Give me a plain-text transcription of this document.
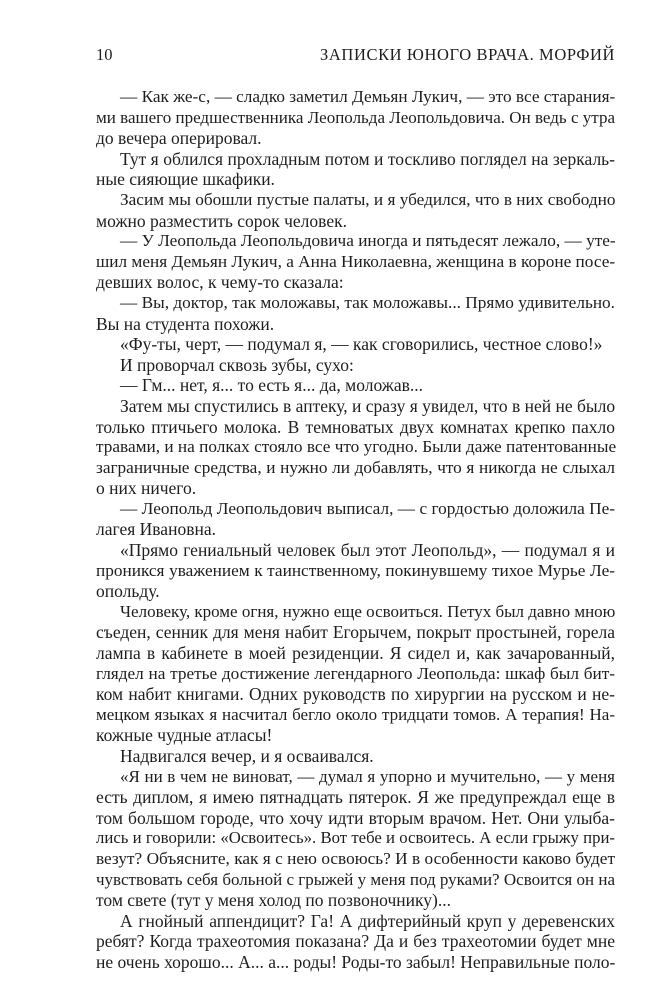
10	ЗАПИСКИ ЮНОГО ВРАЧА. МОРФИЙ

— Как же-с, — сладко заметил Демьян Лукич, — это все старания-
ми вашего предшественника Леопольда Леопольдовича. Он ведь с утра
до вечера оперировал.

Тут я облился прохладным потом и тоскливо поглядел на зеркаль-
ные сияющие шкафики.

Засим мы обошли пустые палаты, и я убедился, что в них свободно
можно разместить сорок человек.

— У Леопольда Леопольдовича иногда и пятьдесят лежало, — уте-
шил меня Демьян Лукич, а Анна Николаевна, женщина в короне посе-
девших волос, к чему-то сказала:

— Вы, доктор, так моложавы, так моложавы... Прямо удивительно.
Вы на студента похожи.

«Фу-ты, черт, — подумал я, — как сговорились, честное слово!»

И проворчал сквозь зубы, сухо:

— Гм... нет, я... то есть я... да, моложав...

Затем мы спустились в аптеку, и сразу я увидел, что в ней не было
только птичьего молока. В темноватых двух комнатах крепко пахло
травами, и на полках стояло все что угодно. Были даже патентованные
заграничные средства, и нужно ли добавлять, что я никогда не слыхал
о них ничего.

— Леопольд Леопольдович выписал, — с гордостью доложила Пе-
лагея Ивановна.

«Прямо гениальный человек был этот Леопольд», — подумал я и
проникся уважением к таинственному, покинувшему тихое Мурье Ле-
опольду.

Человеку, кроме огня, нужно еще освоиться. Петух был давно мною
съеден, сенник для меня набит Егорычем, покрыт простыней, горела
лампа в кабинете в моей резиденции. Я сидел и, как зачарованный,
глядел на третье достижение легендарного Леопольда: шкаф был бит-
ком набит книгами. Одних руководств по хирургии на русском и не-
мецком языках я насчитал бегло около тридцати томов. А терапия! На-
кожные чудные атласы!

Надвигался вечер, и я осваивался.

«Я ни в чем не виноват, — думал я упорно и мучительно, — у меня
есть диплом, я имею пятнадцать пятерок. Я же предупреждал еще в
том большом городе, что хочу идти вторым врачом. Нет. Они улыба-
лись и говорили: «Освоитесь». Вот тебе и освоитесь. А если грыжу при-
везут? Объясните, как я с нею освоюсь? И в особенности каково будет
чувствовать себя больной с грыжей у меня под руками? Освоится он на
том свете (тут у меня холод по позвоночнику)...

А гнойный аппендицит? Га! А дифтерийный круп у деревенских
ребят? Когда трахеотомия показана? Да и без трахеотомии будет мне
не очень хорошо... А... а... роды! Роды-то забыл! Неправильные поло-
